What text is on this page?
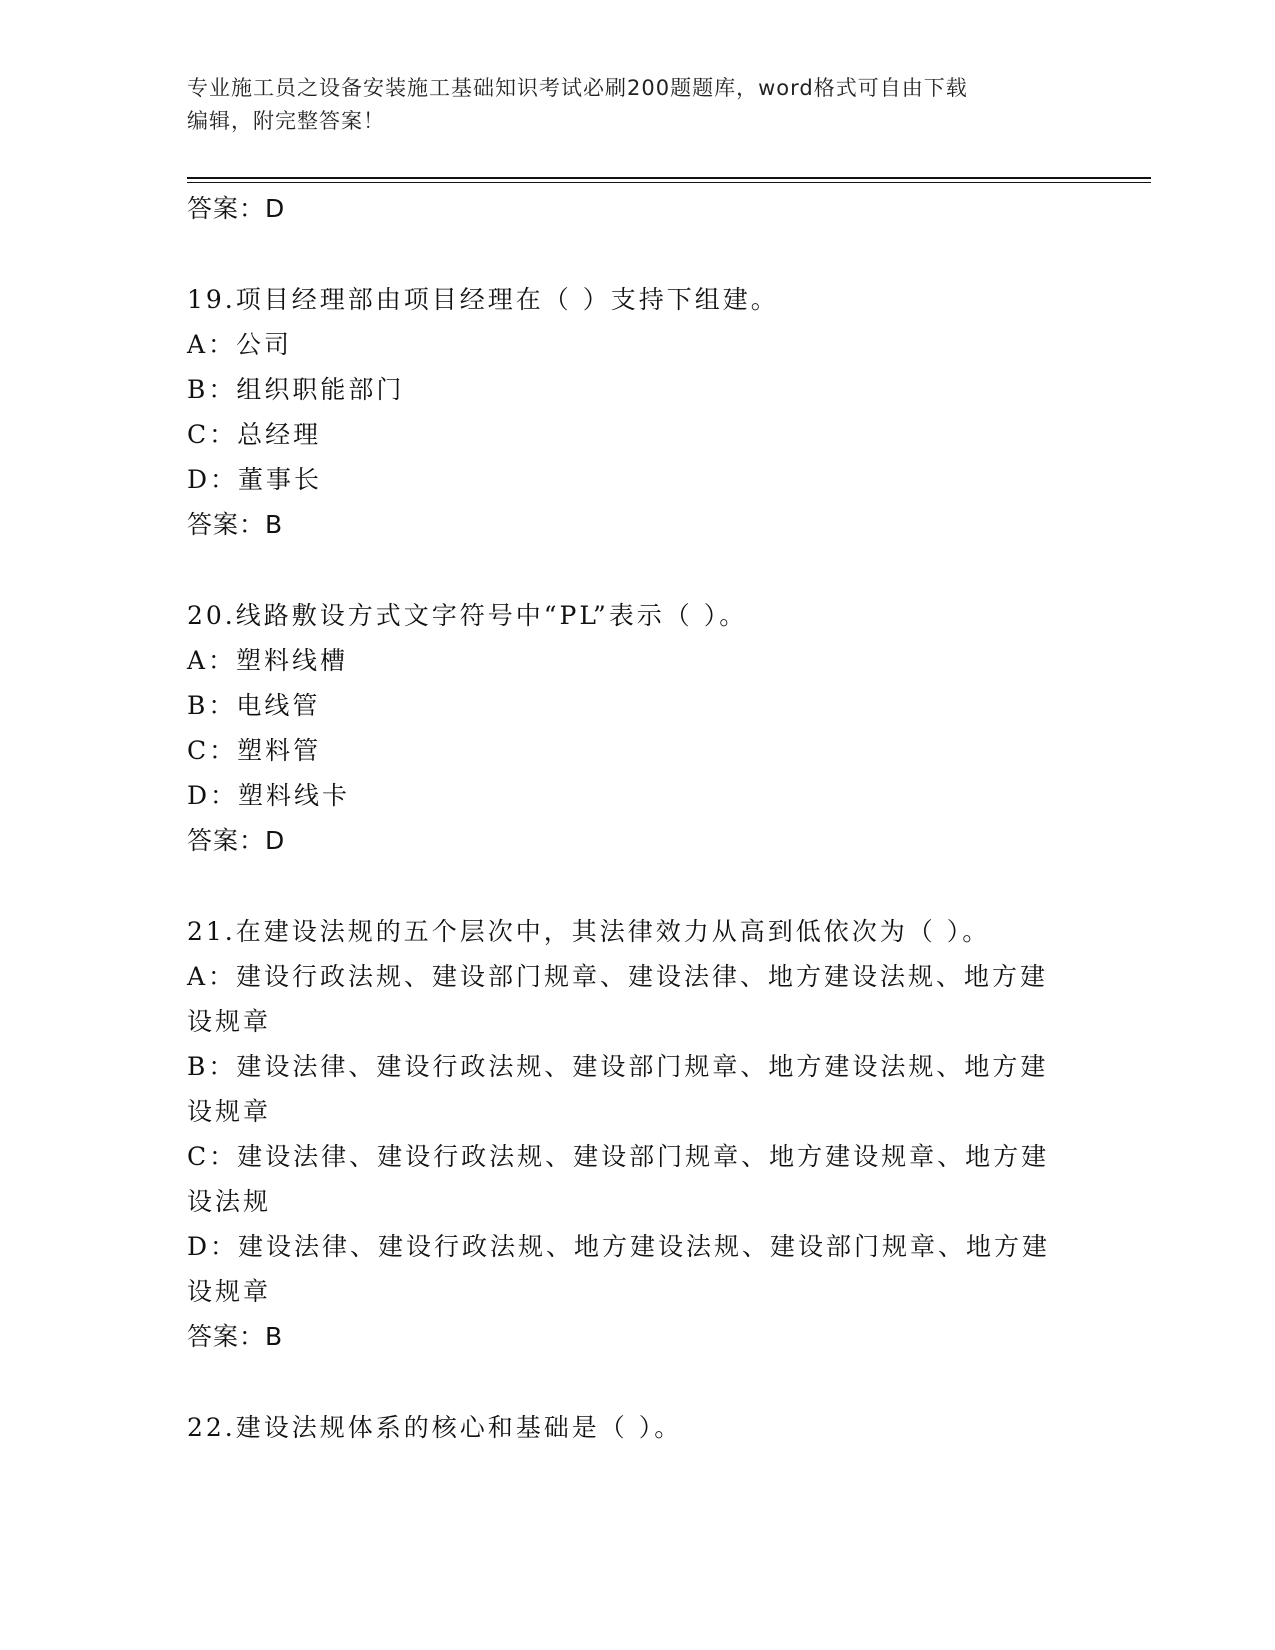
专业施工员之设备安装施工基础知识考试必刷200题题库，word格式可自由下载
编辑，附完整答案！
答案：D
19.项目经理部由项目经理在（ ）支持下组建。
A：公司
B：组织职能部门
C：总经理
D：董事长
答案：B
20.线路敷设方式文字符号中“PL”表示（ ）。
A：塑料线槽
B：电线管
C：塑料管
D：塑料线卡
答案：D
21.在建设法规的五个层次中，其法律效力从高到低依次为（ ）。
A：建设行政法规、建设部门规章、建设法律、地方建设法规、地方建
设规章
B：建设法律、建设行政法规、建设部门规章、地方建设法规、地方建
设规章
C：建设法律、建设行政法规、建设部门规章、地方建设规章、地方建
设法规
D：建设法律、建设行政法规、地方建设法规、建设部门规章、地方建
设规章
答案：B
22.建设法规体系的核心和基础是（ ）。
